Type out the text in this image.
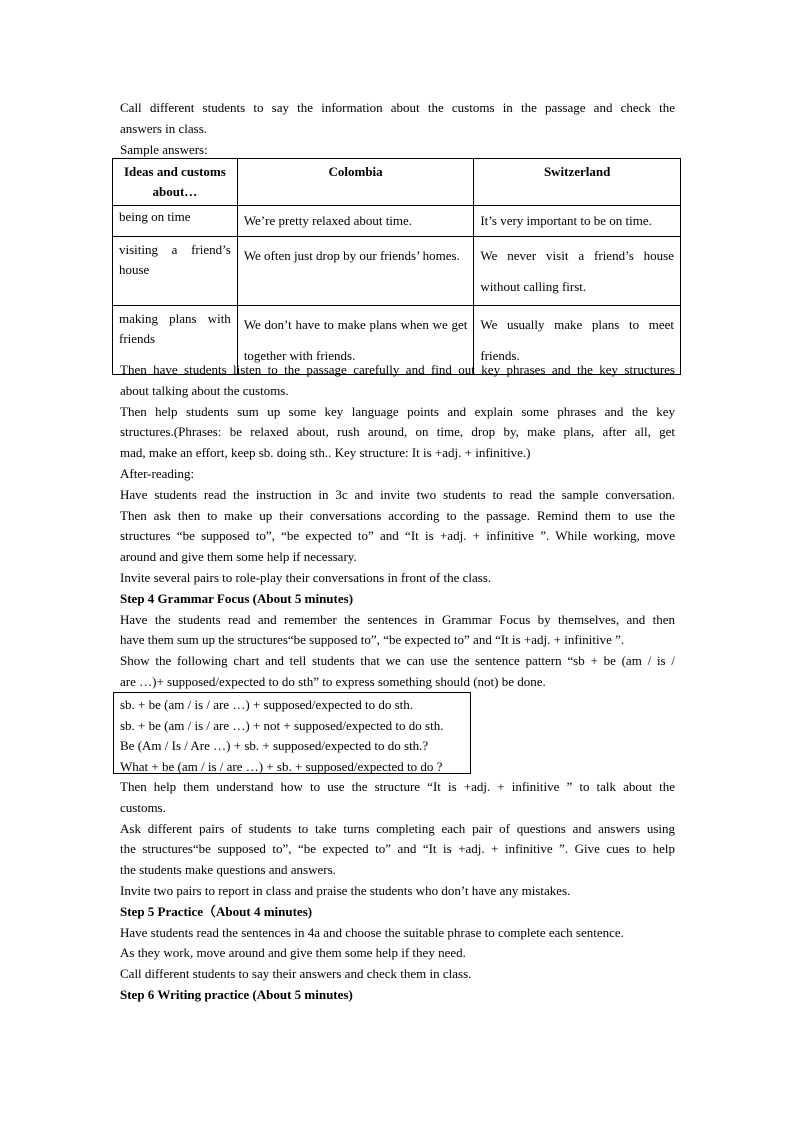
Call different students to say the information about the customs in the passage and check the
answers in class.
Sample answers:
Ideas and customs about…	Colombia	Switzerland
being on time	We’re pretty relaxed about time.	It’s very important to be on time.
visiting a friend’s house	We often just drop by our friends’ homes.	We never visit a friend’s house without calling first.
making plans with friends	We don’t have to make plans when we get together with friends.	We usually make plans to meet friends.
Then have students listen to the passage carefully and find out key phrases and the key structures
about talking about the customs.
Then help students sum up some key language points and explain some phrases and the key
structures.(Phrases: be relaxed about, rush around, on time, drop by, make plans, after all, get
mad, make an effort, keep sb. doing sth.. Key structure: It is +adj. + infinitive.)
After-reading:
Have students read the instruction in 3c and invite two students to read the sample conversation.
Then ask then to make up their conversations according to the passage. Remind them to use the
structures “be supposed to”, “be expected to” and “It is +adj. + infinitive ”. While working, move
around and give them some help if necessary.
Invite several pairs to role-play their conversations in front of the class.
Step 4 Grammar Focus (About 5 minutes)
Have the students read and remember the sentences in Grammar Focus by themselves, and then
have them sum up the structures“be supposed to”, “be expected to” and “It is +adj. + infinitive ”.
Show the following chart and tell students that we can use the sentence pattern “sb + be (am / is /
are …)+ supposed/expected to do sth” to express something should (not) be done.
sb. + be (am / is / are …) + supposed/expected to do sth.
sb. + be (am / is / are …) + not + supposed/expected to do sth.
Be (Am / Is / Are …) + sb. + supposed/expected to do sth.?
What + be (am / is / are …) + sb. + supposed/expected to do ?
Then help them understand how to use the structure “It is +adj. + infinitive ” to talk about the
customs.
Ask different pairs of students to take turns completing each pair of questions and answers using
the structures“be supposed to”, “be expected to” and “It is +adj. + infinitive ”. Give cues to help
the students make questions and answers.
Invite two pairs to report in class and praise the students who don’t have any mistakes.
Step 5 Practice（About 4 minutes)
Have students read the sentences in 4a and choose the suitable phrase to complete each sentence.
As they work, move around and give them some help if they need.
Call different students to say their answers and check them in class.
Step 6 Writing practice (About 5 minutes)
